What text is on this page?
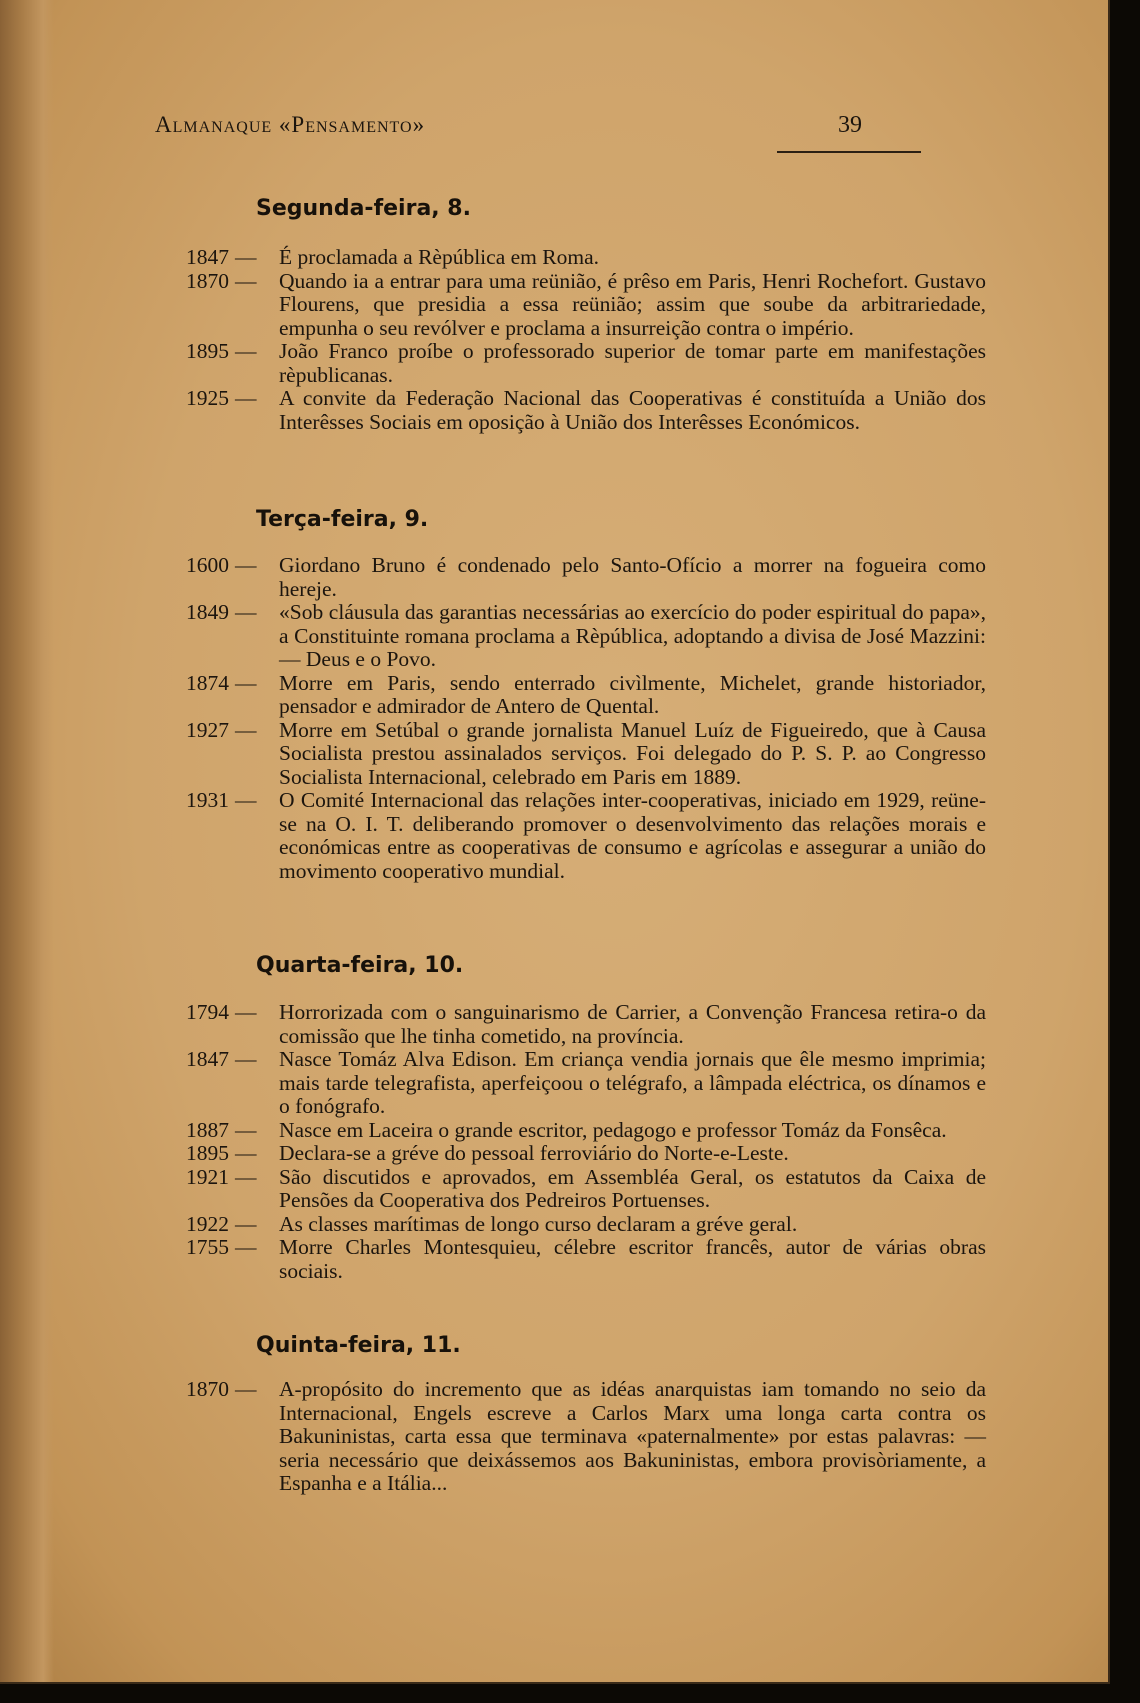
Almanaque «Pensamento»	39
Segunda-feira, 8.
1847 —	É proclamada a Rèpública em Roma.
1870 —	Quando ia a entrar para uma reünião, é prêso em Paris, Henri Rochefort. Gustavo Flourens, que presidia a essa reünião; assim que soube da arbitrariedade, empunha o seu revólver e proclama a insurreição contra o império.
1895 —	João Franco proíbe o professorado superior de tomar parte em manifestações rèpublicanas.
1925 —	A convite da Federação Nacional das Cooperativas é constituída a União dos Interêsses Sociais em oposição à União dos Interêsses Económicos.
Terça-feira, 9.
1600 —	Giordano Bruno é condenado pelo Santo-Ofício a morrer na fogueira como hereje.
1849 —	«Sob cláusula das garantias necessárias ao exercício do poder espiritual do papa», a Constituinte romana proclama a Rèpública, adoptando a divisa de José Mazzini: — Deus e o Povo.
1874 —	Morre em Paris, sendo enterrado civìlmente, Michelet, grande historiador, pensador e admirador de Antero de Quental.
1927 —	Morre em Setúbal o grande jornalista Manuel Luíz de Figueiredo, que à Causa Socialista prestou assinalados serviços. Foi delegado do P. S. P. ao Congresso Socialista Internacional, celebrado em Paris em 1889.
1931 —	O Comité Internacional das relações inter-cooperativas, iniciado em 1929, reüne-se na O. I. T. deliberando promover o desenvolvimento das relações morais e económicas entre as cooperativas de consumo e agrícolas e assegurar a união do movimento cooperativo mundial.
Quarta-feira, 10.
1794 —	Horrorizada com o sanguinarismo de Carrier, a Convenção Francesa retira-o da comissão que lhe tinha cometido, na província.
1847 —	Nasce Tomáz Alva Edison. Em criança vendia jornais que êle mesmo imprimia; mais tarde telegrafista, aperfeiçoou o telégrafo, a lâmpada eléctrica, os dínamos e o fonógrafo.
1887 —	Nasce em Laceira o grande escritor, pedagogo e professor Tomáz da Fonsêca.
1895 —	Declara-se a gréve do pessoal ferroviário do Norte-e-Leste.
1921 —	São discutidos e aprovados, em Assembléa Geral, os estatutos da Caixa de Pensões da Cooperativa dos Pedreiros Portuenses.
1922 —	As classes marítimas de longo curso declaram a gréve geral.
1755 —	Morre Charles Montesquieu, célebre escritor francês, autor de várias obras sociais.
Quinta-feira, 11.
1870 —	A-propósito do incremento que as idéas anarquistas iam tomando no seio da Internacional, Engels escreve a Carlos Marx uma longa carta contra os Bakuninistas, carta essa que terminava «paternalmente» por estas palavras: — seria necessário que deixássemos aos Bakuninistas, embora provisòriamente, a Espanha e a Itália...
